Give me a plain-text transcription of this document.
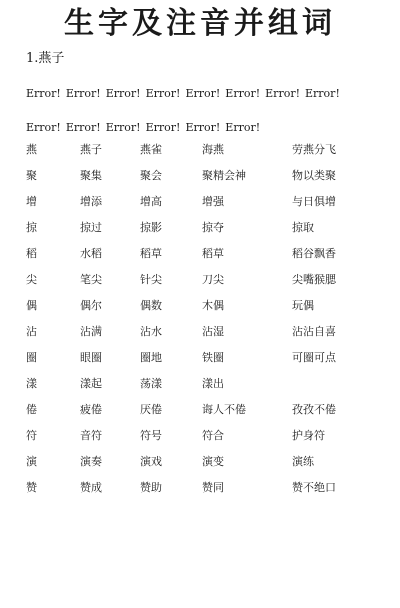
生字及注音并组词
1.燕子
Error! Error! Error! Error! Error! Error! Error! Error!
Error! Error! Error! Error! Error! Error!
燕	燕子	燕雀	海燕	劳燕分飞
聚	聚集	聚会	聚精会神	物以类聚
增	增添	增高	增强	与日俱增
掠	掠过	掠影	掠夺	掠取
稻	水稻	稻草	稻草	稻谷飘香
尖	笔尖	针尖	刀尖	尖嘴猴腮
偶	偶尔	偶数	木偶	玩偶
沾	沾满	沾水	沾湿	沾沾自喜
圈	眼圈	圈地	铁圈	可圈可点
漾	漾起	荡漾	漾出
倦	疲倦	厌倦	诲人不倦	孜孜不倦
符	音符	符号	符合	护身符
演	演奏	演戏	演变	演练
赞	赞成	赞助	赞同	赞不绝口
